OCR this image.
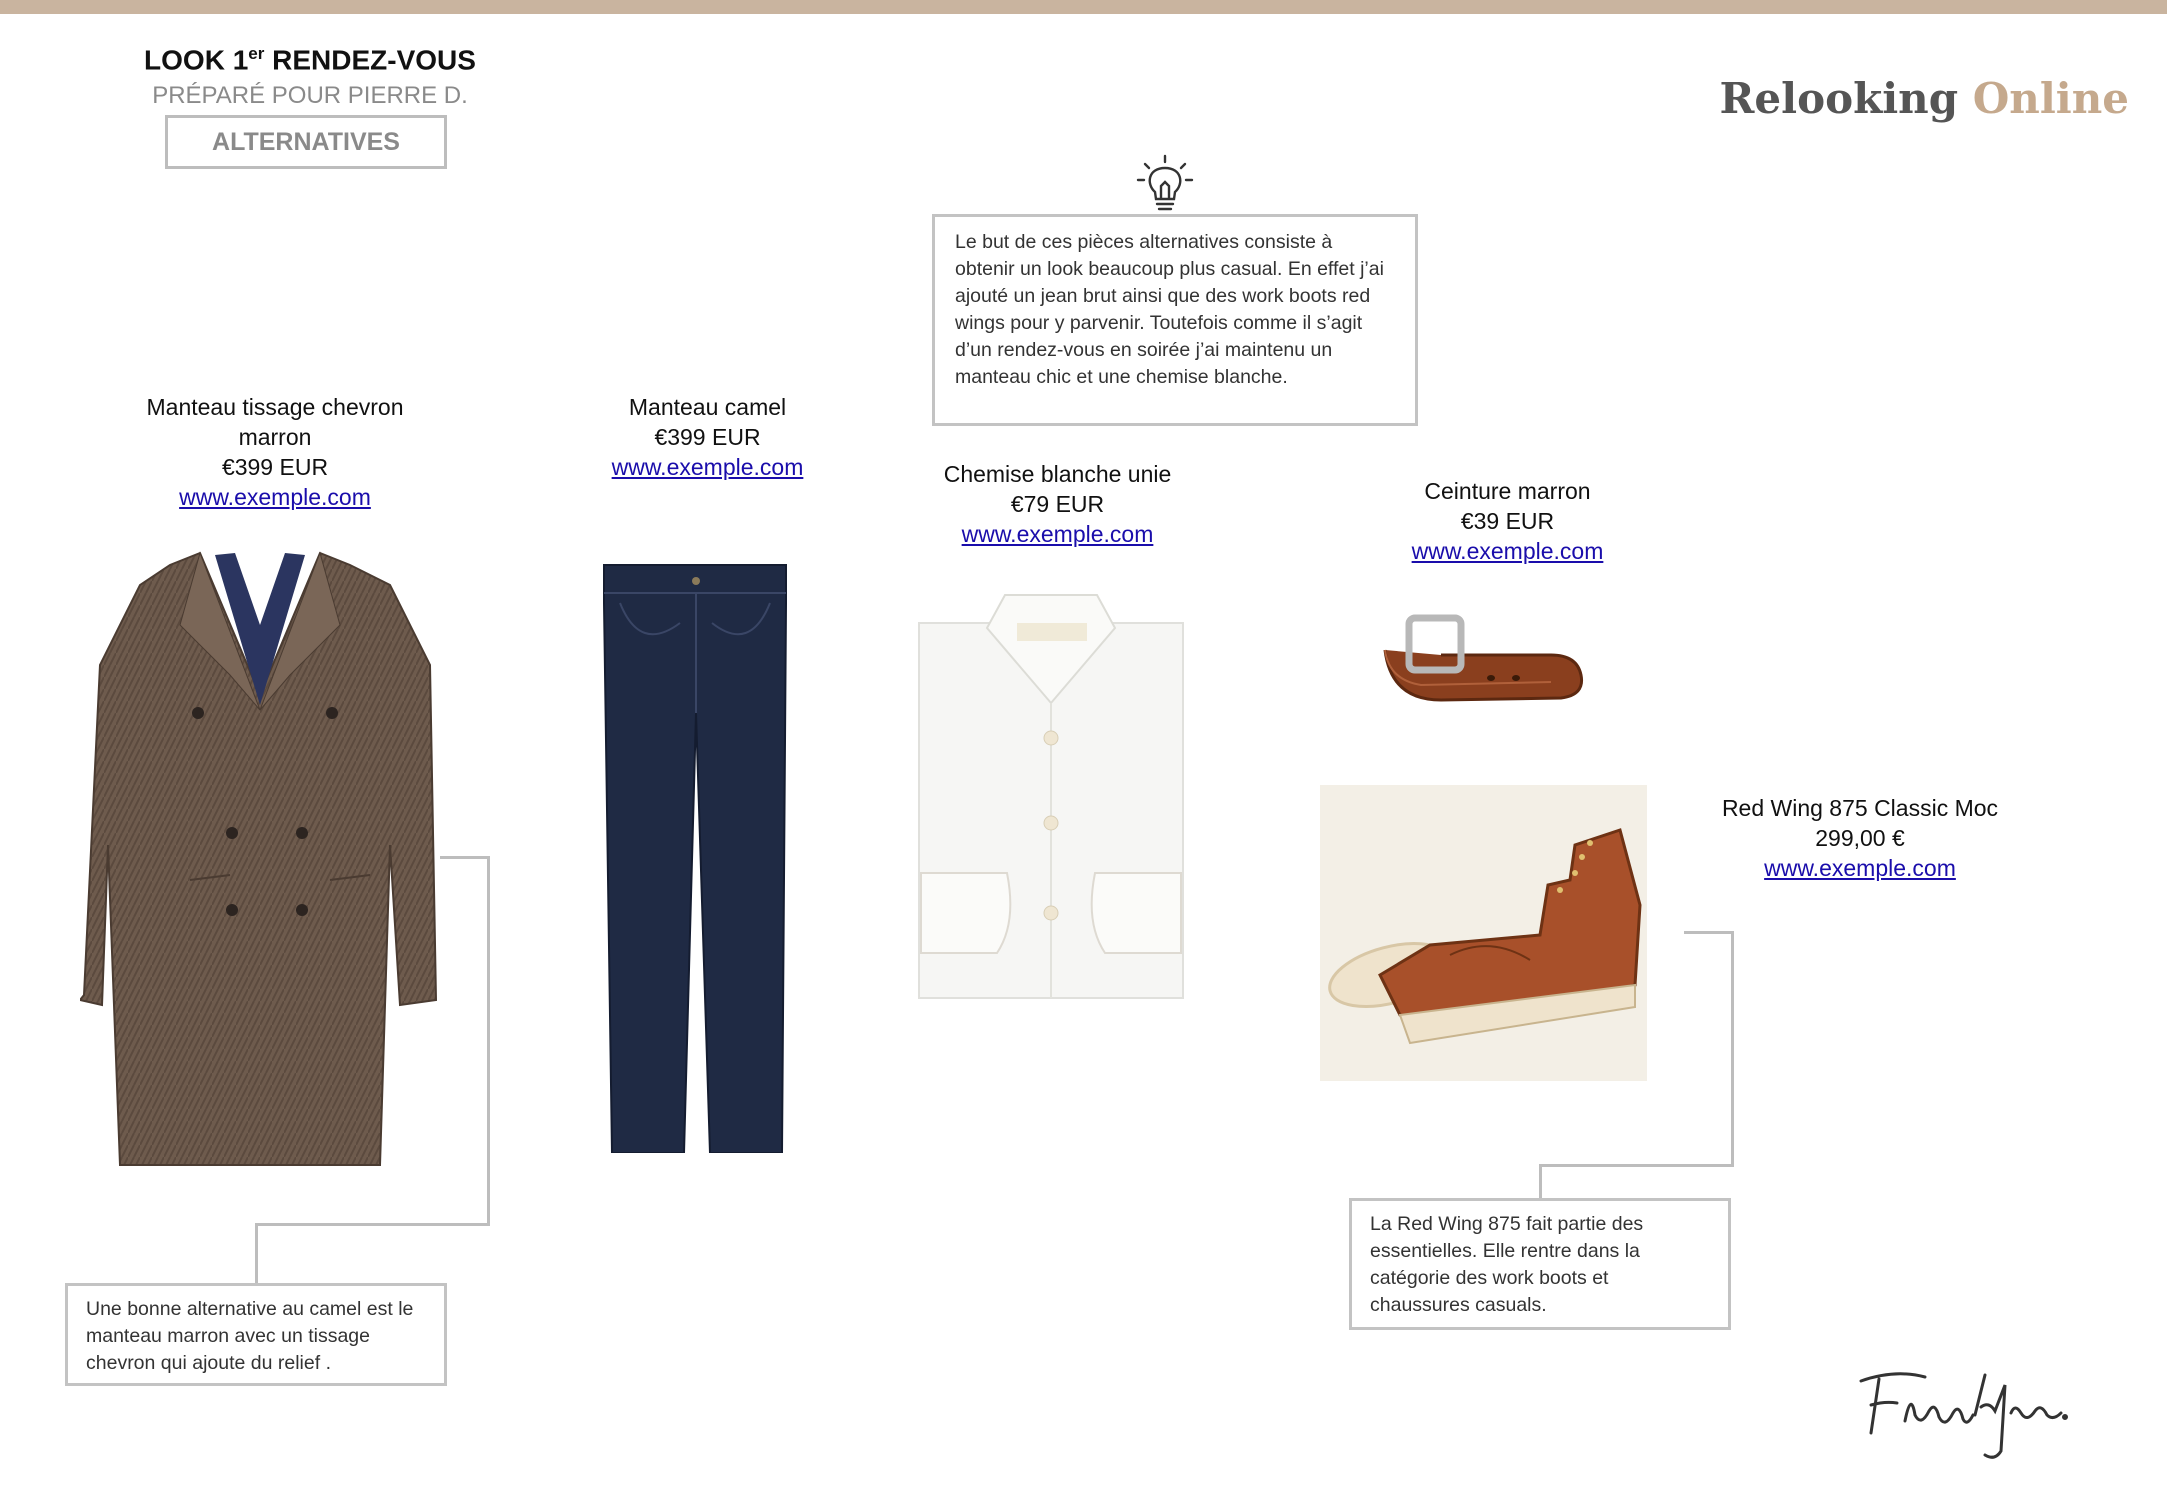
LOOK 1er RENDEZ-VOUS
PRÉPARÉ POUR PIERRE D.
ALTERNATIVES
Relooking Online
Le but de ces pièces alternatives consiste à obtenir un look beaucoup plus casual. En effet j’ai ajouté un jean brut ainsi que des work boots red wings pour y parvenir. Toutefois comme il s’agit d’un rendez-vous en soirée j’ai maintenu un manteau chic et une chemise blanche.
Manteau tissage chevron marron
€399 EUR
www.exemple.com
Une bonne alternative au camel est le manteau marron avec un tissage chevron qui ajoute du relief .
Manteau camel
€399 EUR
www.exemple.com	Chemise blanche unie
€79 EUR
www.exemple.com
Ceinture marron
€39 EUR
www.exemple.com
Red Wing 875 Classic Moc
299,00 €
www.exemple.com
La Red Wing 875 fait partie des essentielles. Elle rentre dans la catégorie des work boots et chaussures casuals.
